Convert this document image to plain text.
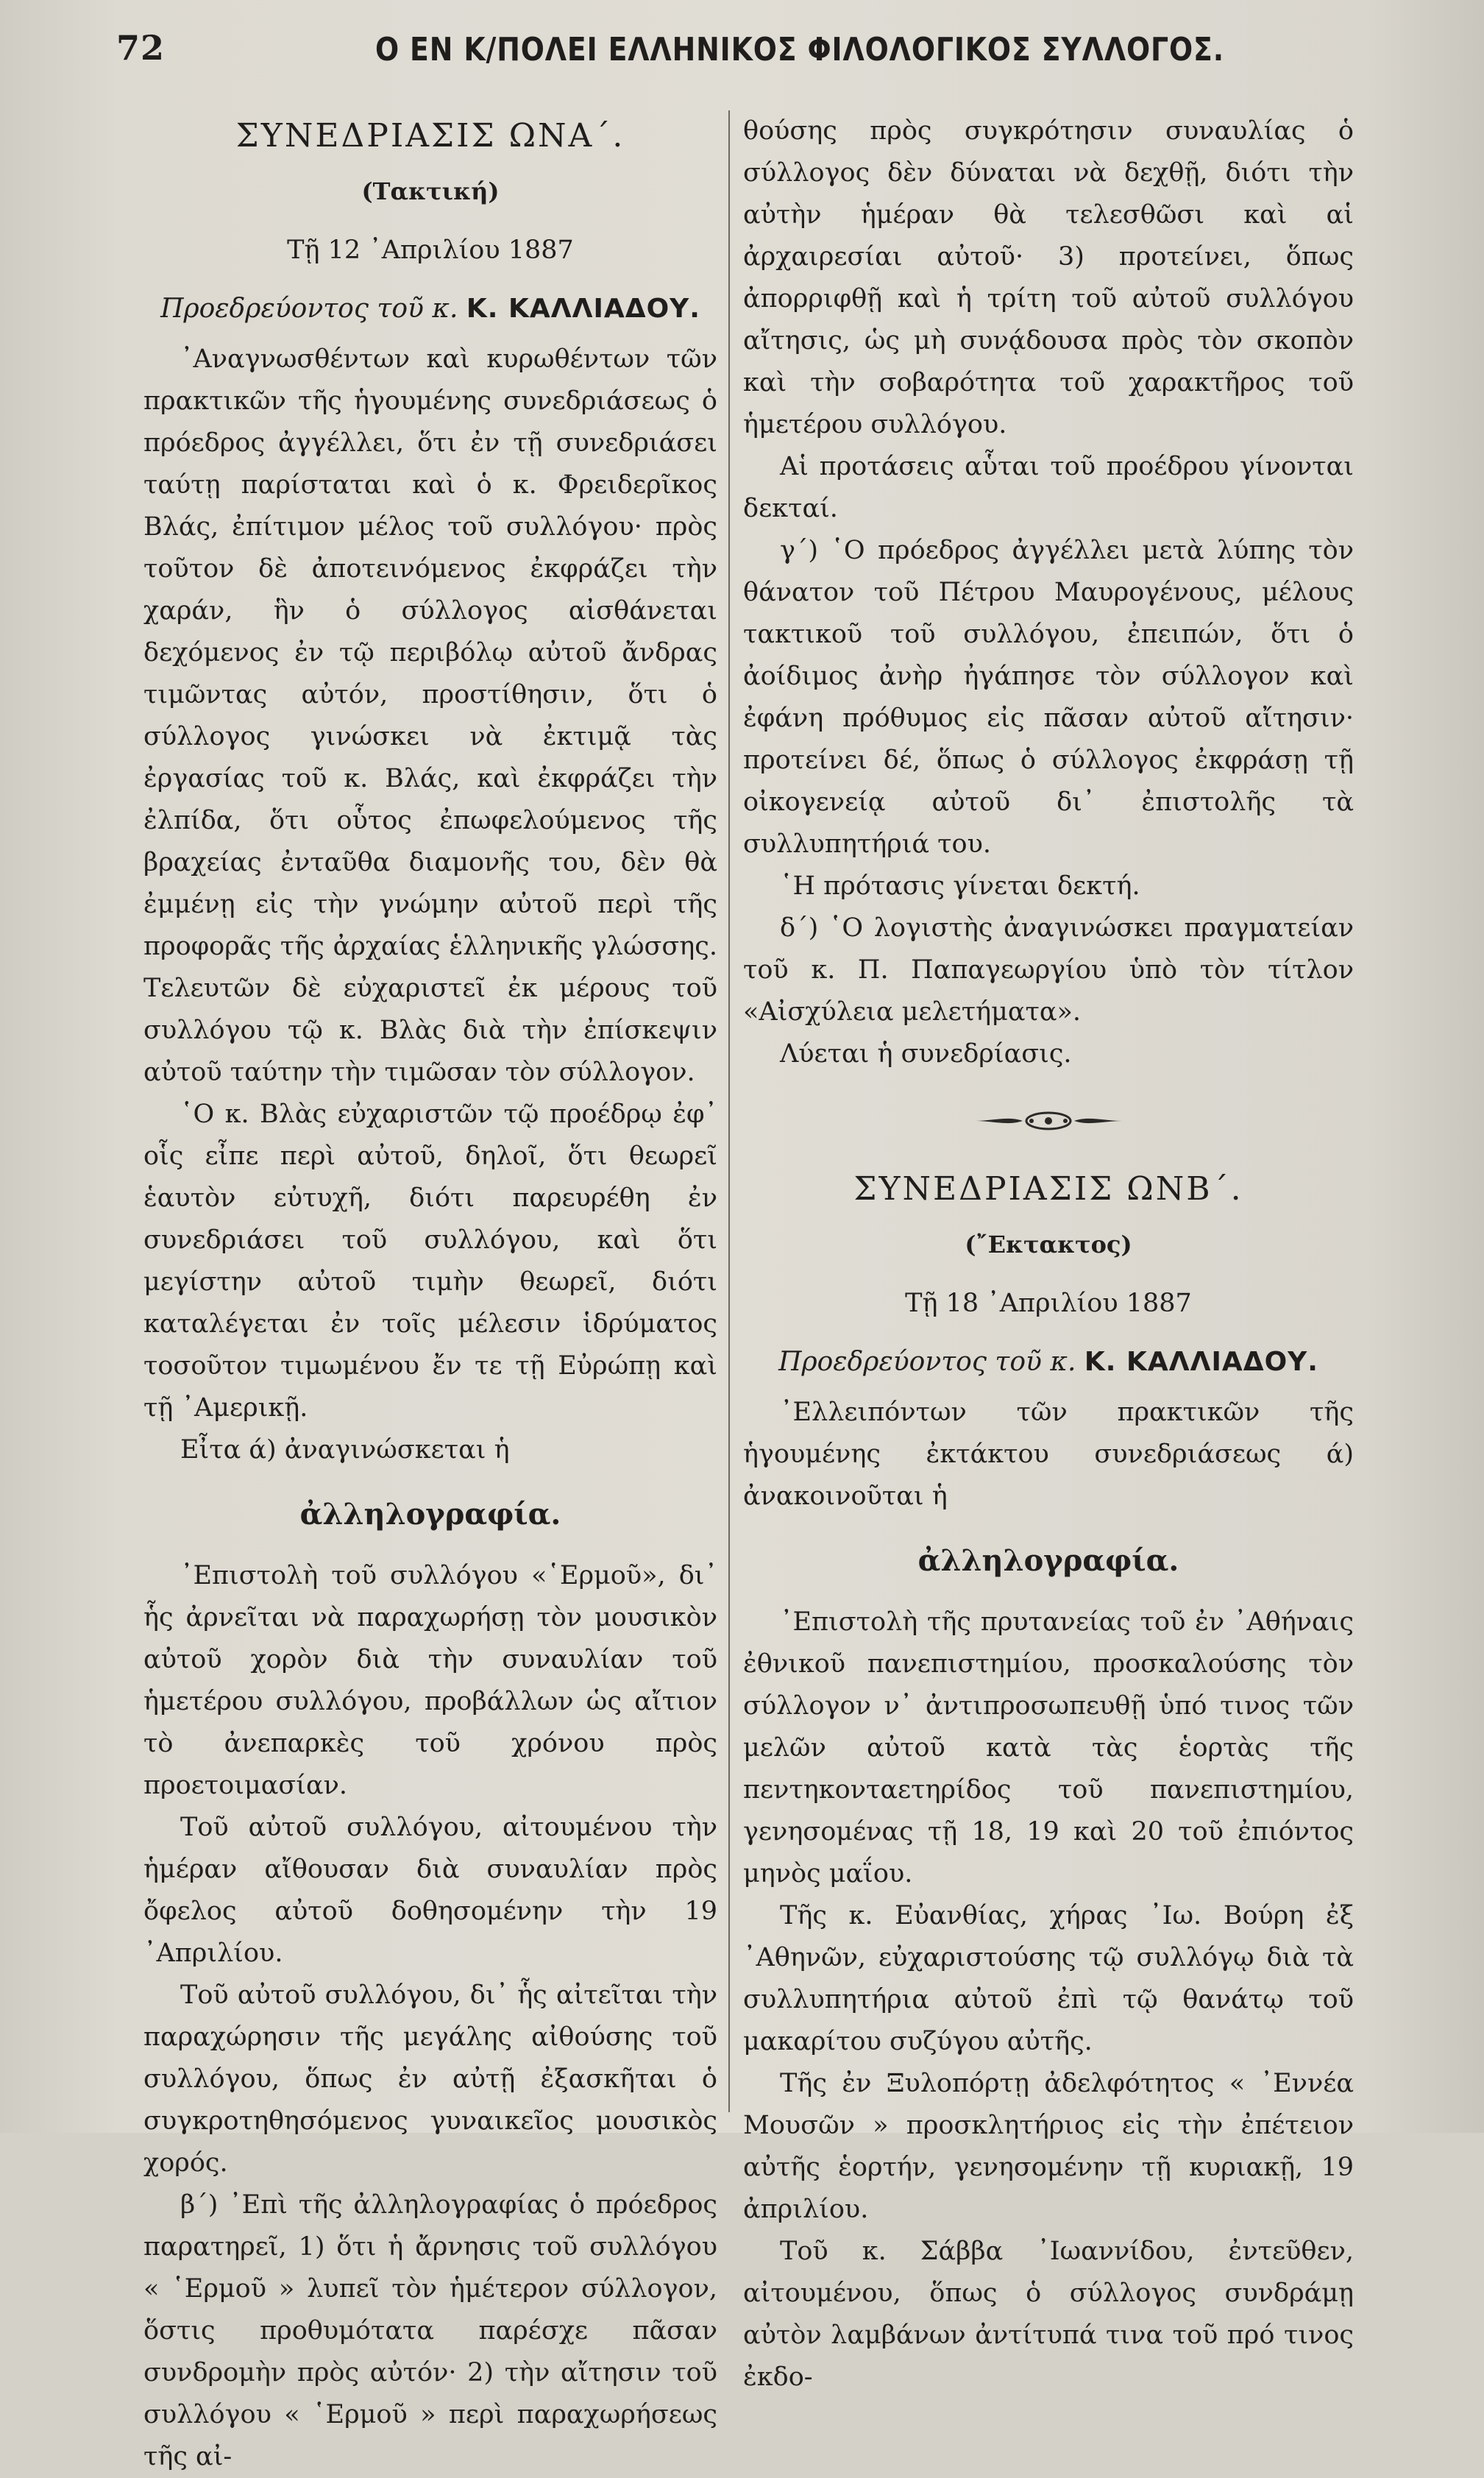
72	Ο ΕΝ Κ/ΠΟΛΕΙ ΕΛΛΗΝΙΚΟΣ ΦΙΛΟΛΟΓΙΚΟΣ ΣΥΛΛΟΓΟΣ.
ΣΥΝΕΔΡΙΑΣΙΣ ΩΝΑ΄.
(Τακτική)
Τῇ 12 ᾿Απριλίου 1887
Προεδρεύοντος τοῦ κ. Κ. ΚΑΛΛΙΑΔΟΥ.

᾿Αναγνωσθέντων καὶ κυρωθέντων τῶν πρακτικῶν τῆς ἡγουμένης συνεδριάσεως ὁ πρόεδρος ἀγγέλλει, ὅτι ἐν τῇ συνεδριάσει ταύτῃ παρίσταται καὶ ὁ κ. Φρειδερῖκος Βλάς, ἐπίτιμον μέλος τοῦ συλλόγου· πρὸς τοῦτον δὲ ἀποτεινόμενος ἐκφράζει τὴν χαράν, ἣν ὁ σύλλογος αἰσθάνεται δεχόμενος ἐν τῷ περιβόλῳ αὐτοῦ ἄνδρας τιμῶντας αὐτόν, προστίθησιν, ὅτι ὁ σύλλογος γινώσκει νὰ ἐκτιμᾷ τὰς ἐργασίας τοῦ κ. Βλάς, καὶ ἐκφράζει τὴν ἐλπίδα, ὅτι οὗτος ἐπωφελούμενος τῆς βραχείας ἐνταῦθα διαμονῆς του, δὲν θὰ ἐμμένῃ εἰς τὴν γνώμην αὐτοῦ περὶ τῆς προφορᾶς τῆς ἀρχαίας ἑλληνικῆς γλώσσης. Τελευτῶν δὲ εὐχαριστεῖ ἐκ μέρους τοῦ συλλόγου τῷ κ. Βλὰς διὰ τὴν ἐπίσκεψιν αὐτοῦ ταύτην τὴν τιμῶσαν τὸν σύλλογον.

῾Ο κ. Βλὰς εὐχαριστῶν τῷ προέδρῳ ἐφ᾿ οἷς εἶπε περὶ αὐτοῦ, δηλοῖ, ὅτι θεωρεῖ ἑαυτὸν εὐτυχῆ, διότι παρευρέθη ἐν συνεδριάσει τοῦ συλλόγου, καὶ ὅτι μεγίστην αὐτοῦ τιμὴν θεωρεῖ, διότι καταλέγεται ἐν τοῖς μέλεσιν ἱδρύματος τοσοῦτον τιμωμένου ἔν τε τῇ Εὐρώπῃ καὶ τῇ ᾿Αμερικῇ.

Εἶτα ά) ἀναγινώσκεται ἡ

ἀλληλογραφία.

᾿Επιστολὴ τοῦ συλλόγου «῾Ερμοῦ», δι᾿ ἧς ἀρνεῖται νὰ παραχωρήσῃ τὸν μουσικὸν αὐτοῦ χορὸν διὰ τὴν συναυλίαν τοῦ ἡμετέρου συλλόγου, προβάλλων ὡς αἴτιον τὸ ἀνεπαρκὲς τοῦ χρόνου πρὸς προετοιμασίαν.

Τοῦ αὐτοῦ συλλόγου, αἰτουμένου τὴν ἡμέραν αἴθουσαν διὰ συναυλίαν πρὸς ὄφελος αὐτοῦ δοθησομένην τὴν 19 ᾿Απριλίου.

Τοῦ αὐτοῦ συλλόγου, δι᾿ ἧς αἰτεῖται τὴν παραχώρησιν τῆς μεγάλης αἰθούσης τοῦ συλλόγου, ὅπως ἐν αὐτῇ ἐξασκῆται ὁ συγκροτηθησόμενος γυναικεῖος μουσικὸς χορός.

β΄) ᾿Επὶ τῆς ἀλληλογραφίας ὁ πρόεδρος παρατηρεῖ, 1) ὅτι ἡ ἄρνησις τοῦ συλλόγου « ῾Ερμοῦ » λυπεῖ τὸν ἡμέτερον σύλλογον, ὅστις προθυμότατα παρέσχε πᾶσαν συνδρομὴν πρὸς αὐτόν· 2) τὴν αἴτησιν τοῦ συλλόγου « ῾Ερμοῦ » περὶ παραχωρήσεως τῆς αἰ-

θούσης πρὸς συγκρότησιν συναυλίας ὁ σύλλογος δὲν δύναται νὰ δεχθῇ, διότι τὴν αὐτὴν ἡμέραν θὰ τελεσθῶσι καὶ αἱ ἀρχαιρεσίαι αὐτοῦ· 3) προτείνει, ὅπως ἀπορριφθῇ καὶ ἡ τρίτη τοῦ αὐτοῦ συλλόγου αἴτησις, ὡς μὴ συνᾴδουσα πρὸς τὸν σκοπὸν καὶ τὴν σοβαρότητα τοῦ χαρακτῆρος τοῦ ἡμετέρου συλλόγου.

Αἱ προτάσεις αὗται τοῦ προέδρου γίνονται δεκταί.

γ΄) ῾Ο πρόεδρος ἀγγέλλει μετὰ λύπης τὸν θάνατον τοῦ Πέτρου Μαυρογένους, μέλους τακτικοῦ τοῦ συλλόγου, ἐπειπών, ὅτι ὁ ἀοίδιμος ἀνὴρ ἠγάπησε τὸν σύλλογον καὶ ἐφάνη πρόθυμος εἰς πᾶσαν αὐτοῦ αἴτησιν· προτείνει δέ, ὅπως ὁ σύλλογος ἐκφράσῃ τῇ οἰκογενείᾳ αὐτοῦ δι᾿ ἐπιστολῆς τὰ συλλυπητήριά του.

῾Η πρότασις γίνεται δεκτή.

δ΄) ῾Ο λογιστὴς ἀναγινώσκει πραγματείαν τοῦ κ. Π. Παπαγεωργίου ὑπὸ τὸν τίτλον «Αἰσχύλεια μελετήματα».

Λύεται ἡ συνεδρίασις.

ΣΥΝΕΔΡΙΑΣΙΣ ΩΝΒ΄.
(῎Εκτακτος)
Τῇ 18 ᾿Απριλίου 1887
Προεδρεύοντος τοῦ κ. Κ. ΚΑΛΛΙΑΔΟΥ.

᾿Ελλειπόντων τῶν πρακτικῶν τῆς ἡγουμένης ἐκτάκτου συνεδριάσεως ά) ἀνακοινοῦται ἡ

ἀλληλογραφία.

᾿Επιστολὴ τῆς πρυτανείας τοῦ ἐν ᾿Αθήναις ἐθνικοῦ πανεπιστημίου, προσκαλούσης τὸν σύλλογον ν᾿ ἀντιπροσωπευθῇ ὑπό τινος τῶν μελῶν αὐτοῦ κατὰ τὰς ἑορτὰς τῆς πεντηκονταετηρίδος τοῦ πανεπιστημίου, γενησομένας τῇ 18, 19 καὶ 20 τοῦ ἐπιόντος μηνὸς μαΐου.

Τῆς κ. Εὐανθίας, χήρας ᾿Ιω. Βούρη ἐξ ᾿Αθηνῶν, εὐχαριστούσης τῷ συλλόγῳ διὰ τὰ συλλυπητήρια αὐτοῦ ἐπὶ τῷ θανάτῳ τοῦ μακαρίτου συζύγου αὐτῆς.

Τῆς ἐν Ξυλοπόρτῃ ἀδελφότητος « ᾿Εννέα Μουσῶν » προσκλητήριος εἰς τὴν ἐπέτειον αὐτῆς ἑορτήν, γενησομένην τῇ κυριακῇ, 19 ἀπριλίου.

Τοῦ κ. Σάββα ᾿Ιωαννίδου, ἐντεῦθεν, αἰτουμένου, ὅπως ὁ σύλλογος συνδράμῃ αὐτὸν λαμβάνων ἀντίτυπά τινα τοῦ πρό τινος ἐκδο-
